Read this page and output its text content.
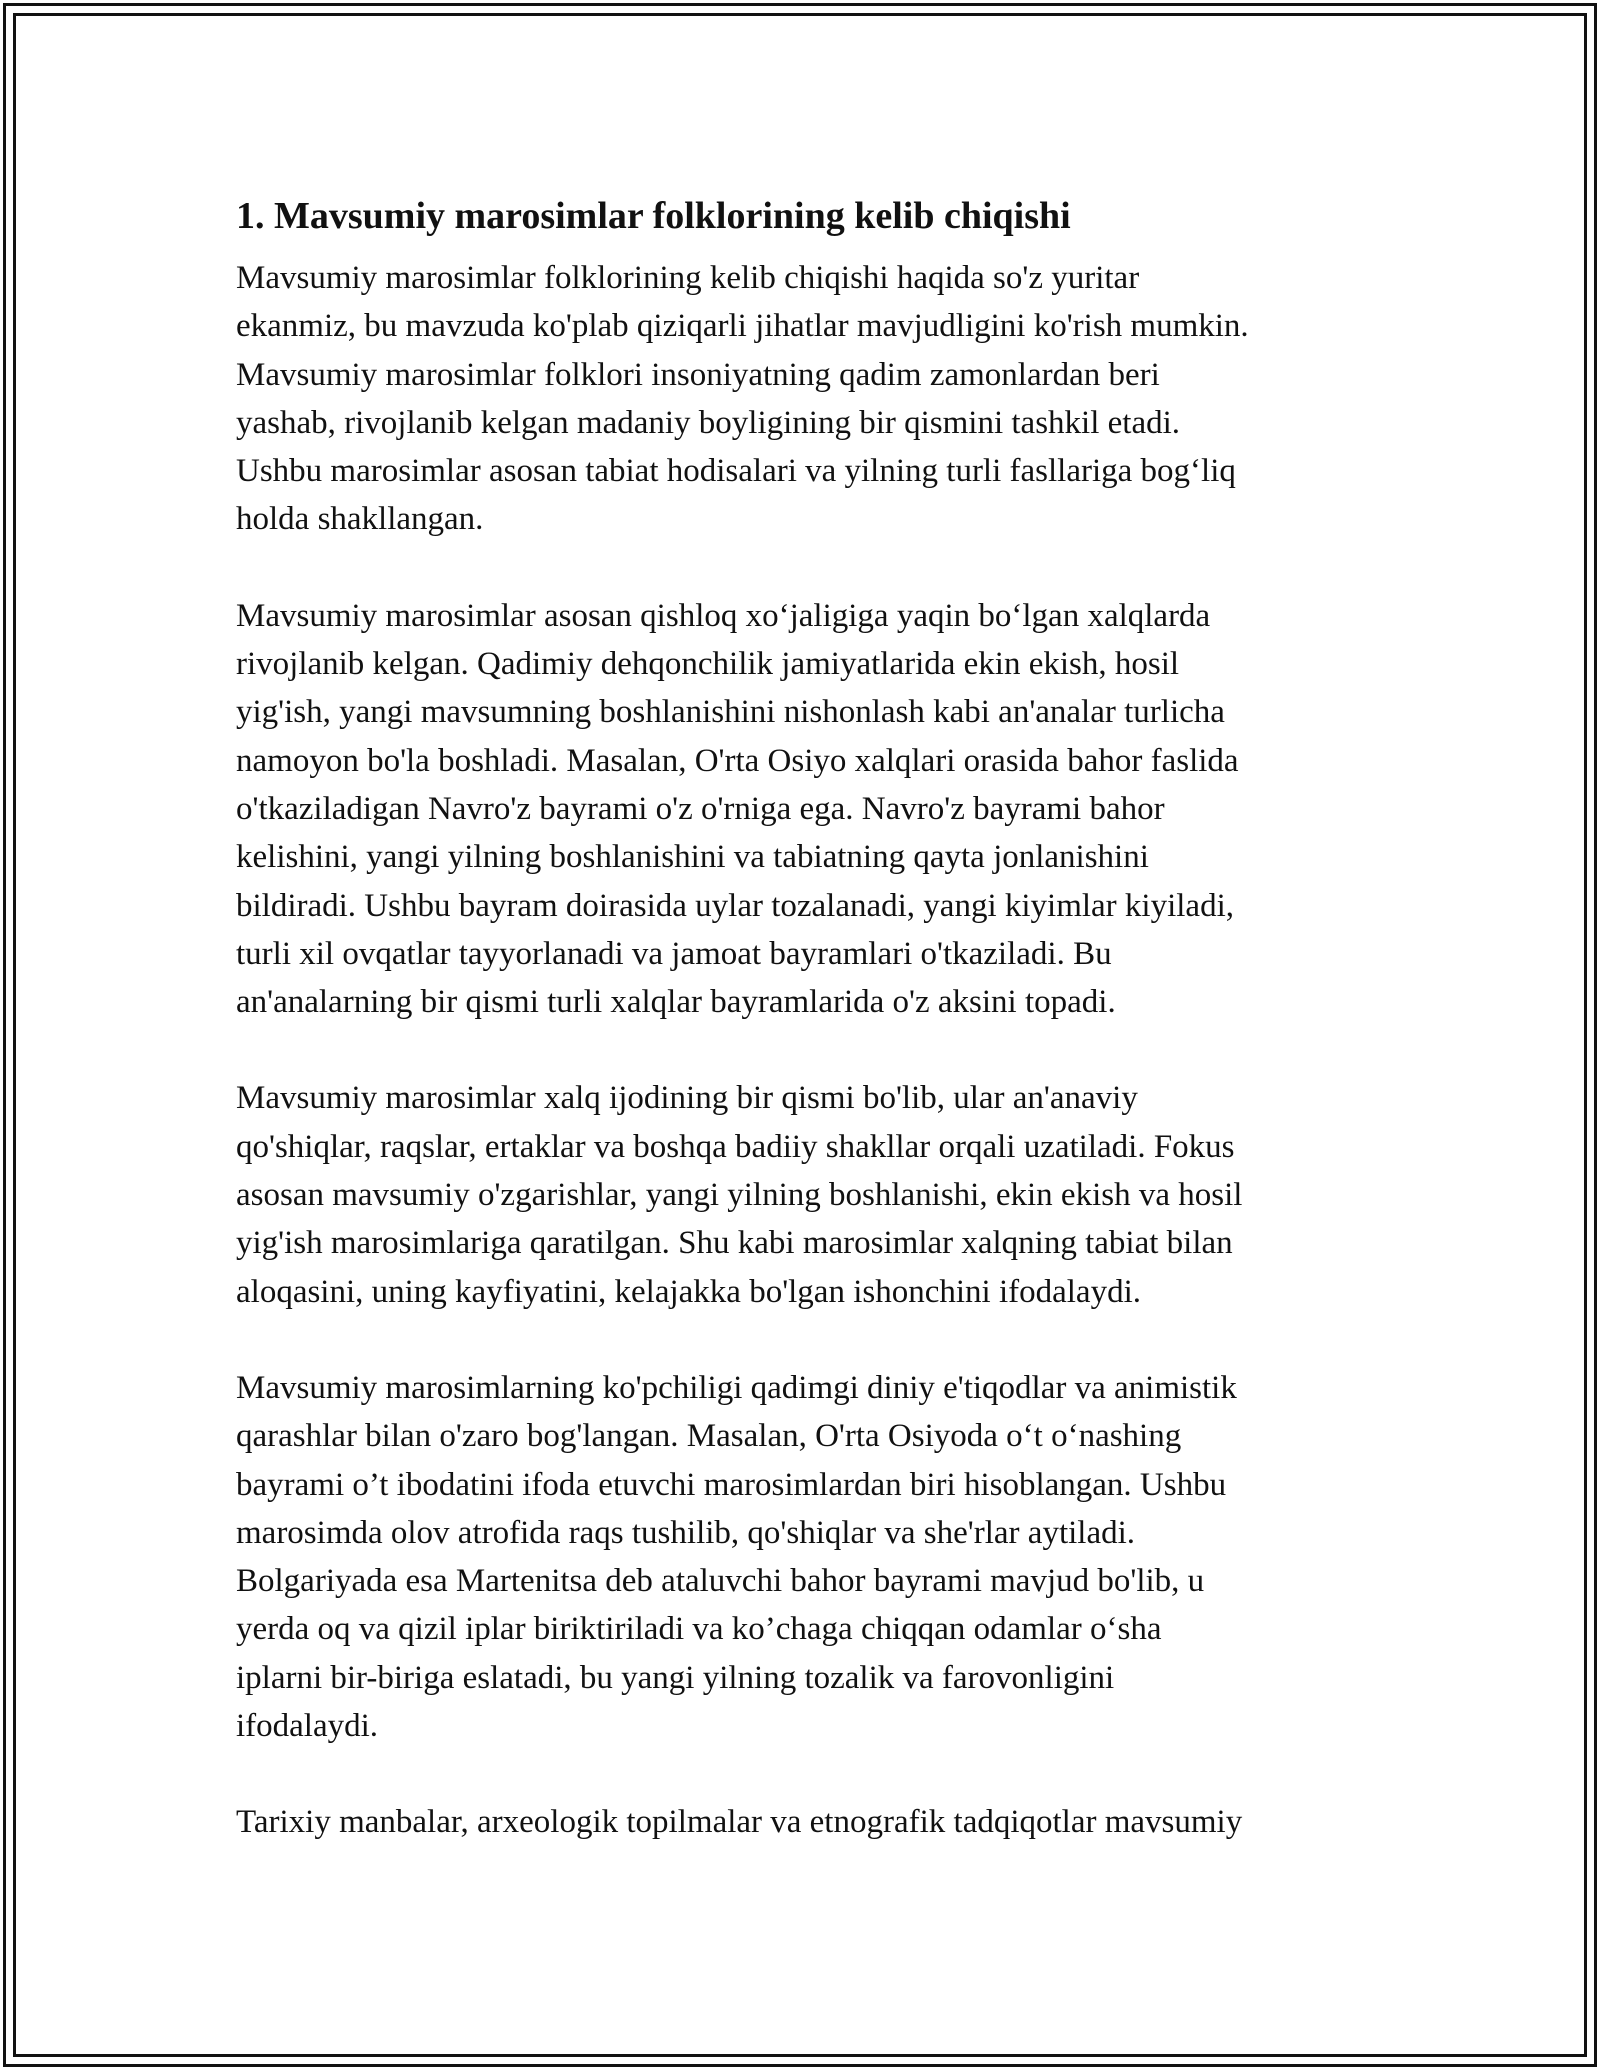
1. Mavsumiy marosimlar folklorining kelib chiqishi

Mavsumiy marosimlar folklorining kelib chiqishi haqida so'z yuritar
ekanmiz, bu mavzuda ko'plab qiziqarli jihatlar mavjudligini ko'rish mumkin.
Mavsumiy marosimlar folklori insoniyatning qadim zamonlardan beri
yashab, rivojlanib kelgan madaniy boyligining bir qismini tashkil etadi.
Ushbu marosimlar asosan tabiat hodisalari va yilning turli fasllariga bog‘liq
holda shakllangan.

Mavsumiy marosimlar asosan qishloq xo‘jaligiga yaqin bo‘lgan xalqlarda
rivojlanib kelgan. Qadimiy dehqonchilik jamiyatlarida ekin ekish, hosil
yig'ish, yangi mavsumning boshlanishini nishonlash kabi an'analar turlicha
namoyon bo'la boshladi. Masalan, O'rta Osiyo xalqlari orasida bahor faslida
o'tkaziladigan Navro'z bayrami o'z o'rniga ega. Navro'z bayrami bahor
kelishini, yangi yilning boshlanishini va tabiatning qayta jonlanishini
bildiradi. Ushbu bayram doirasida uylar tozalanadi, yangi kiyimlar kiyiladi,
turli xil ovqatlar tayyorlanadi va jamoat bayramlari o'tkaziladi. Bu
an'analarning bir qismi turli xalqlar bayramlarida o'z aksini topadi.

Mavsumiy marosimlar xalq ijodining bir qismi bo'lib, ular an'anaviy
qo'shiqlar, raqslar, ertaklar va boshqa badiiy shakllar orqali uzatiladi. Fokus
asosan mavsumiy o'zgarishlar, yangi yilning boshlanishi, ekin ekish va hosil
yig'ish marosimlariga qaratilgan. Shu kabi marosimlar xalqning tabiat bilan
aloqasini, uning kayfiyatini, kelajakka bo'lgan ishonchini ifodalaydi.

Mavsumiy marosimlarning ko'pchiligi qadimgi diniy e'tiqodlar va animistik
qarashlar bilan o'zaro bog'langan. Masalan, O'rta Osiyoda o‘t o‘nashing
bayrami o’t ibodatini ifoda etuvchi marosimlardan biri hisoblangan. Ushbu
marosimda olov atrofida raqs tushilib, qo'shiqlar va she'rlar aytiladi.
Bolgariyada esa Martenitsa deb ataluvchi bahor bayrami mavjud bo'lib, u
yerda oq va qizil iplar biriktiriladi va ko’chaga chiqqan odamlar o‘sha
iplarni bir-biriga eslatadi, bu yangi yilning tozalik va farovonligini
ifodalaydi.

Tarixiy manbalar, arxeologik topilmalar va etnografik tadqiqotlar mavsumiy
